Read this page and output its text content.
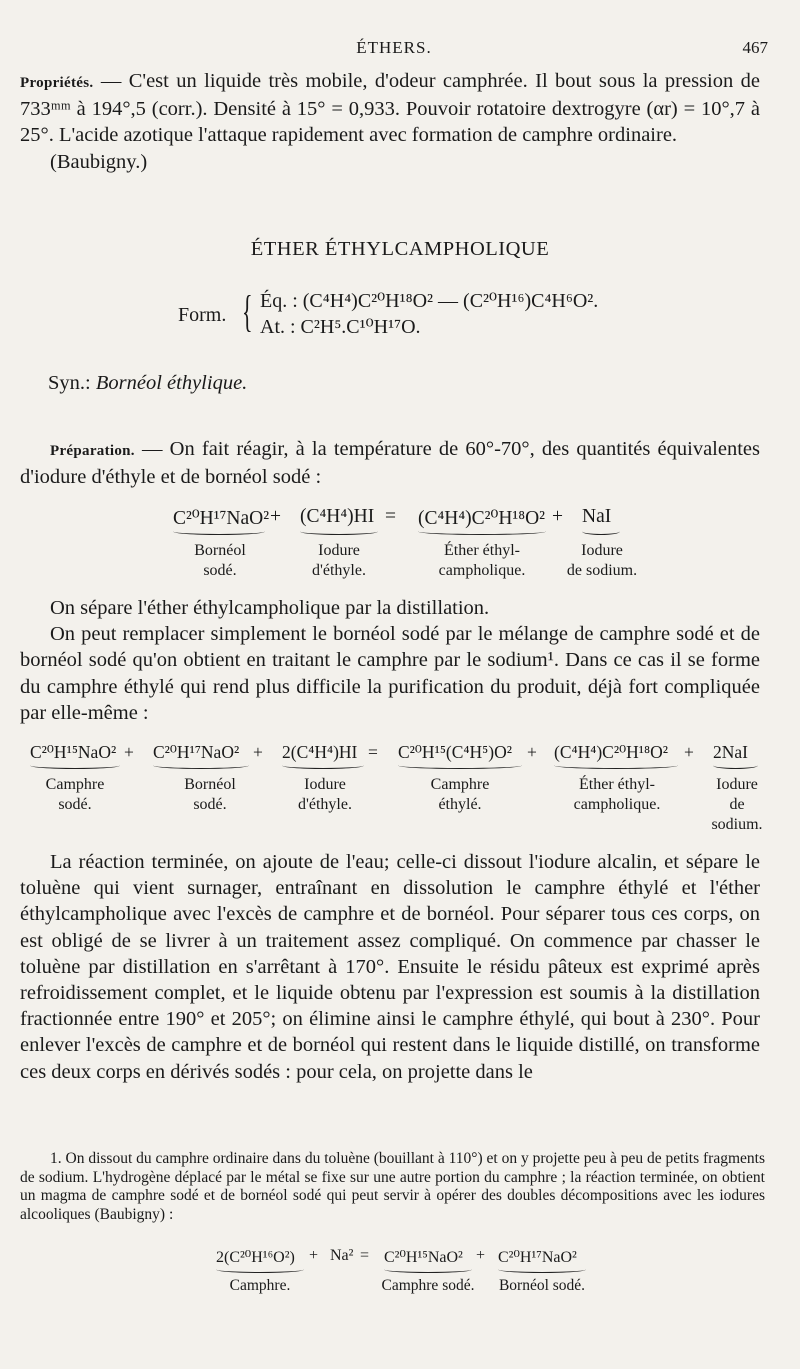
ÉTHERS.	467

Propriétés. — C'est un liquide très mobile, d'odeur camphrée. Il bout sous la pression de 733ᵐᵐ à 194°,5 (corr.). Densité à 15° = 0,933. Pouvoir rotatoire dextrogyre (αr) = 10°,7 à 25°. L'acide azotique l'attaque rapidement avec formation de camphre ordinaire.

(Baubigny.)

ÉTHER ÉTHYLCAMPHOLIQUE
Form. { Éq. : (C⁴H⁴)C²⁰H¹⁸O² — (C²⁰H¹⁶)C⁴H⁶O².
At. : C²H⁵.C¹⁰H¹⁷O.
Syn.: Bornéol éthylique.

Préparation. — On fait réagir, à la température de 60°-70°, des quantités équivalentes d'iodure d'éthyle et de bornéol sodé :

C²⁰H¹⁷NaO² + (C⁴H⁴)HI = (C⁴H⁴)C²⁰H¹⁸O² + NaI
Bornéol
sodé.
Iodure
d'éthyle.
Éther éthyl-
campholique.
Iodure
de sodium.

On sépare l'éther éthylcampholique par la distillation.

On peut remplacer simplement le bornéol sodé par le mélange de camphre sodé et de bornéol sodé qu'on obtient en traitant le camphre par le sodium¹. Dans ce cas il se forme du camphre éthylé qui rend plus difficile la purification du produit, déjà fort compliquée par elle-même :

C²⁰H¹⁵NaO² + C²⁰H¹⁷NaO² + 2(C⁴H⁴)HI = C²⁰H¹⁵(C⁴H⁵)O² + (C⁴H⁴)C²⁰H¹⁸O² + 2NaI
Camphre
sodé.
Bornéol
sodé.
Iodure
d'éthyle.
Camphre
éthylé.
Éther éthyl-
campholique.
Iodure
de
sodium.

La réaction terminée, on ajoute de l'eau; celle-ci dissout l'iodure alcalin, et sépare le toluène qui vient surnager, entraînant en dissolution le camphre éthylé et l'éther éthylcampholique avec l'excès de camphre et de bornéol. Pour séparer tous ces corps, on est obligé de se livrer à un traitement assez compliqué. On commence par chasser le toluène par distillation en s'arrêtant à 170°. Ensuite le résidu pâteux est exprimé après refroidissement complet, et le liquide obtenu par l'expression est soumis à la distillation fractionnée entre 190° et 205°; on élimine ainsi le camphre éthylé, qui bout à 230°. Pour enlever l'excès de camphre et de bornéol qui restent dans le liquide distillé, on transforme ces deux corps en dérivés sodés : pour cela, on projette dans le

1. On dissout du camphre ordinaire dans du toluène (bouillant à 110°) et on y projette peu à peu de petits fragments de sodium. L'hydrogène déplacé par le métal se fixe sur une autre portion du camphre ; la réaction terminée, on obtient un magma de camphre sodé et de bornéol sodé qui peut servir à opérer des doubles décompositions avec les iodures alcooliques (Baubigny) :

2(C²⁰H¹⁶O²) + Na² = C²⁰H¹⁵NaO² + C²⁰H¹⁷NaO²
Camphre.	Camphre sodé.	Bornéol sodé.
